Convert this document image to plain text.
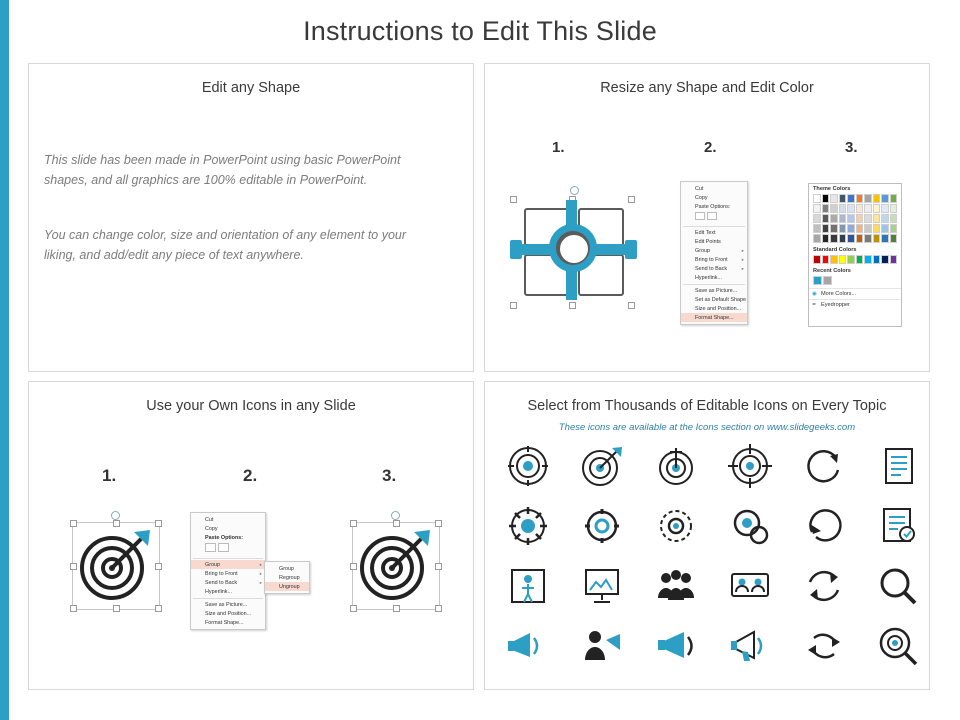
Instructions to Edit This Slide
Edit any Shape
This slide has been made in PowerPoint using basic PowerPoint shapes, and all graphics are 100% editable in PowerPoint.
You can change color, size and orientation of any element to your liking, and add/edit any piece of text anywhere.
Resize any Shape and Edit Color
1.	2.	3.
Cut
Copy
Paste Options:
Edit Text
Edit Points
Group	▸
Bring to Front	▸
Send to Back	▸
Hyperlink...
Save as Picture...
Set as Default Shape
Size and Position...
Format Shape...
Theme Colors
Standard Colors
Recent Colors
◉ More Colors...
✒ Eyedropper
Use your Own Icons in any Slide
1.	2.	3.
Cut
Copy
Paste Options:
Group	▸
Bring to Front	▸
Send to Back	▸
Hyperlink...
Save as Picture...
Size and Position...
Format Shape...
Group
Regroup
Ungroup
Select from Thousands of Editable Icons on Every Topic
These icons are available at the Icons section on www.slidegeeks.com
